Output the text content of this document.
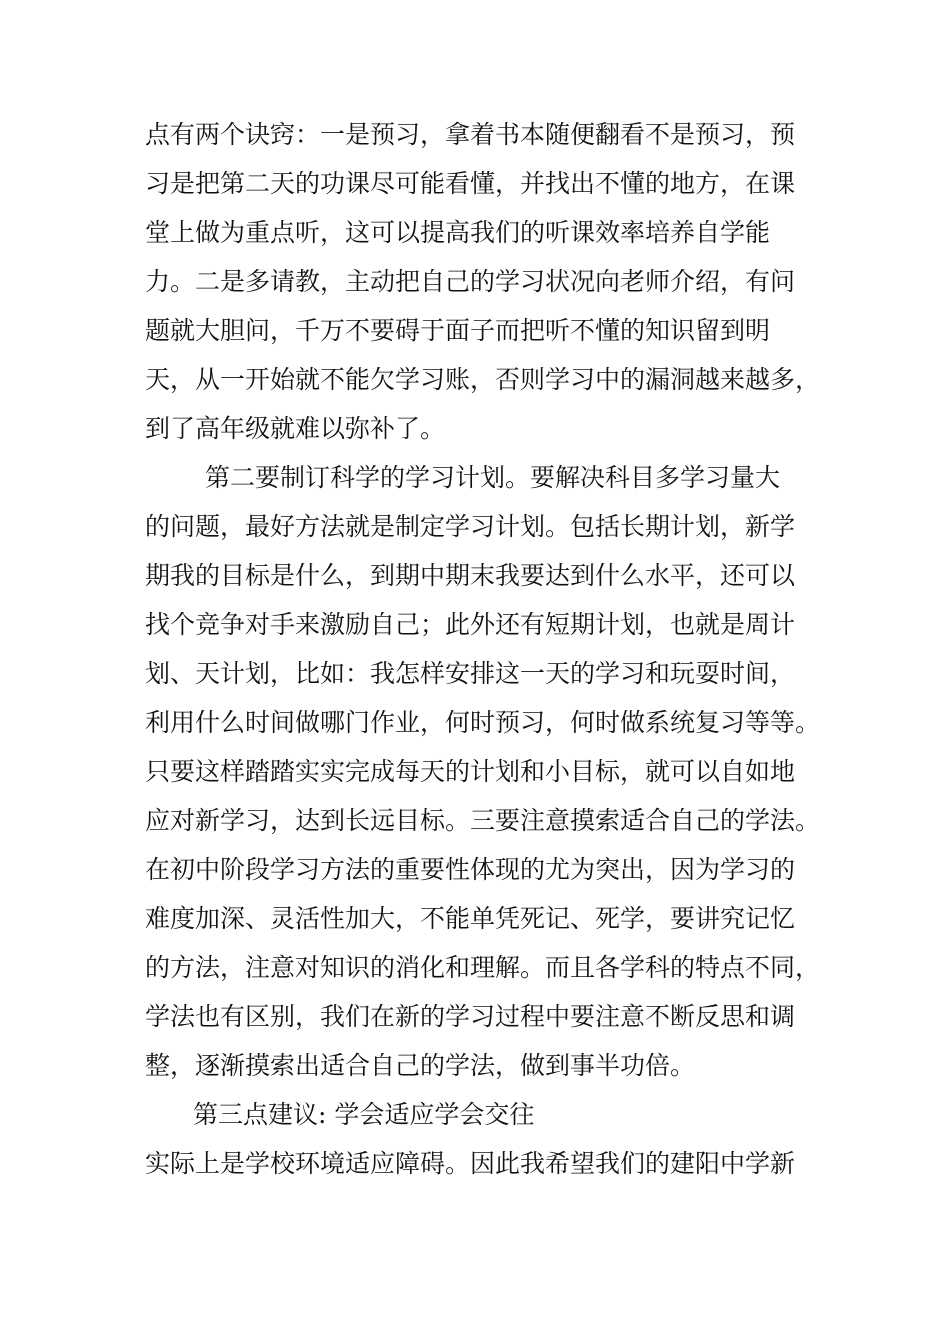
点有两个诀窍：一是预习，拿着书本随便翻看不是预习，预
习是把第二天的功课尽可能看懂，并找出不懂的地方，在课
堂上做为重点听，这可以提高我们的听课效率培养自学能
力。二是多请教，主动把自己的学习状况向老师介绍，有问
题就大胆问，千万不要碍于面子而把听不懂的知识留到明
天，从一开始就不能欠学习账，否则学习中的漏洞越来越多，
到了高年级就难以弥补了。
第二要制订科学的学习计划。要解决科目多学习量大
的问题，最好方法就是制定学习计划。包括长期计划，新学
期我的目标是什么，到期中期末我要达到什么水平，还可以
找个竞争对手来激励自己；此外还有短期计划，也就是周计
划、天计划，比如：我怎样安排这一天的学习和玩耍时间，
利用什么时间做哪门作业，何时预习，何时做系统复习等等。
只要这样踏踏实实完成每天的计划和小目标，就可以自如地
应对新学习，达到长远目标。三要注意摸索适合自己的学法。
在初中阶段学习方法的重要性体现的尤为突出，因为学习的
难度加深、灵活性加大，不能单凭死记、死学，要讲究记忆
的方法，注意对知识的消化和理解。而且各学科的特点不同，
学法也有区别，我们在新的学习过程中要注意不断反思和调
整，逐渐摸索出适合自己的学法，做到事半功倍。
第三点建议: 学会适应学会交往
实际上是学校环境适应障碍。因此我希望我们的建阳中学新
